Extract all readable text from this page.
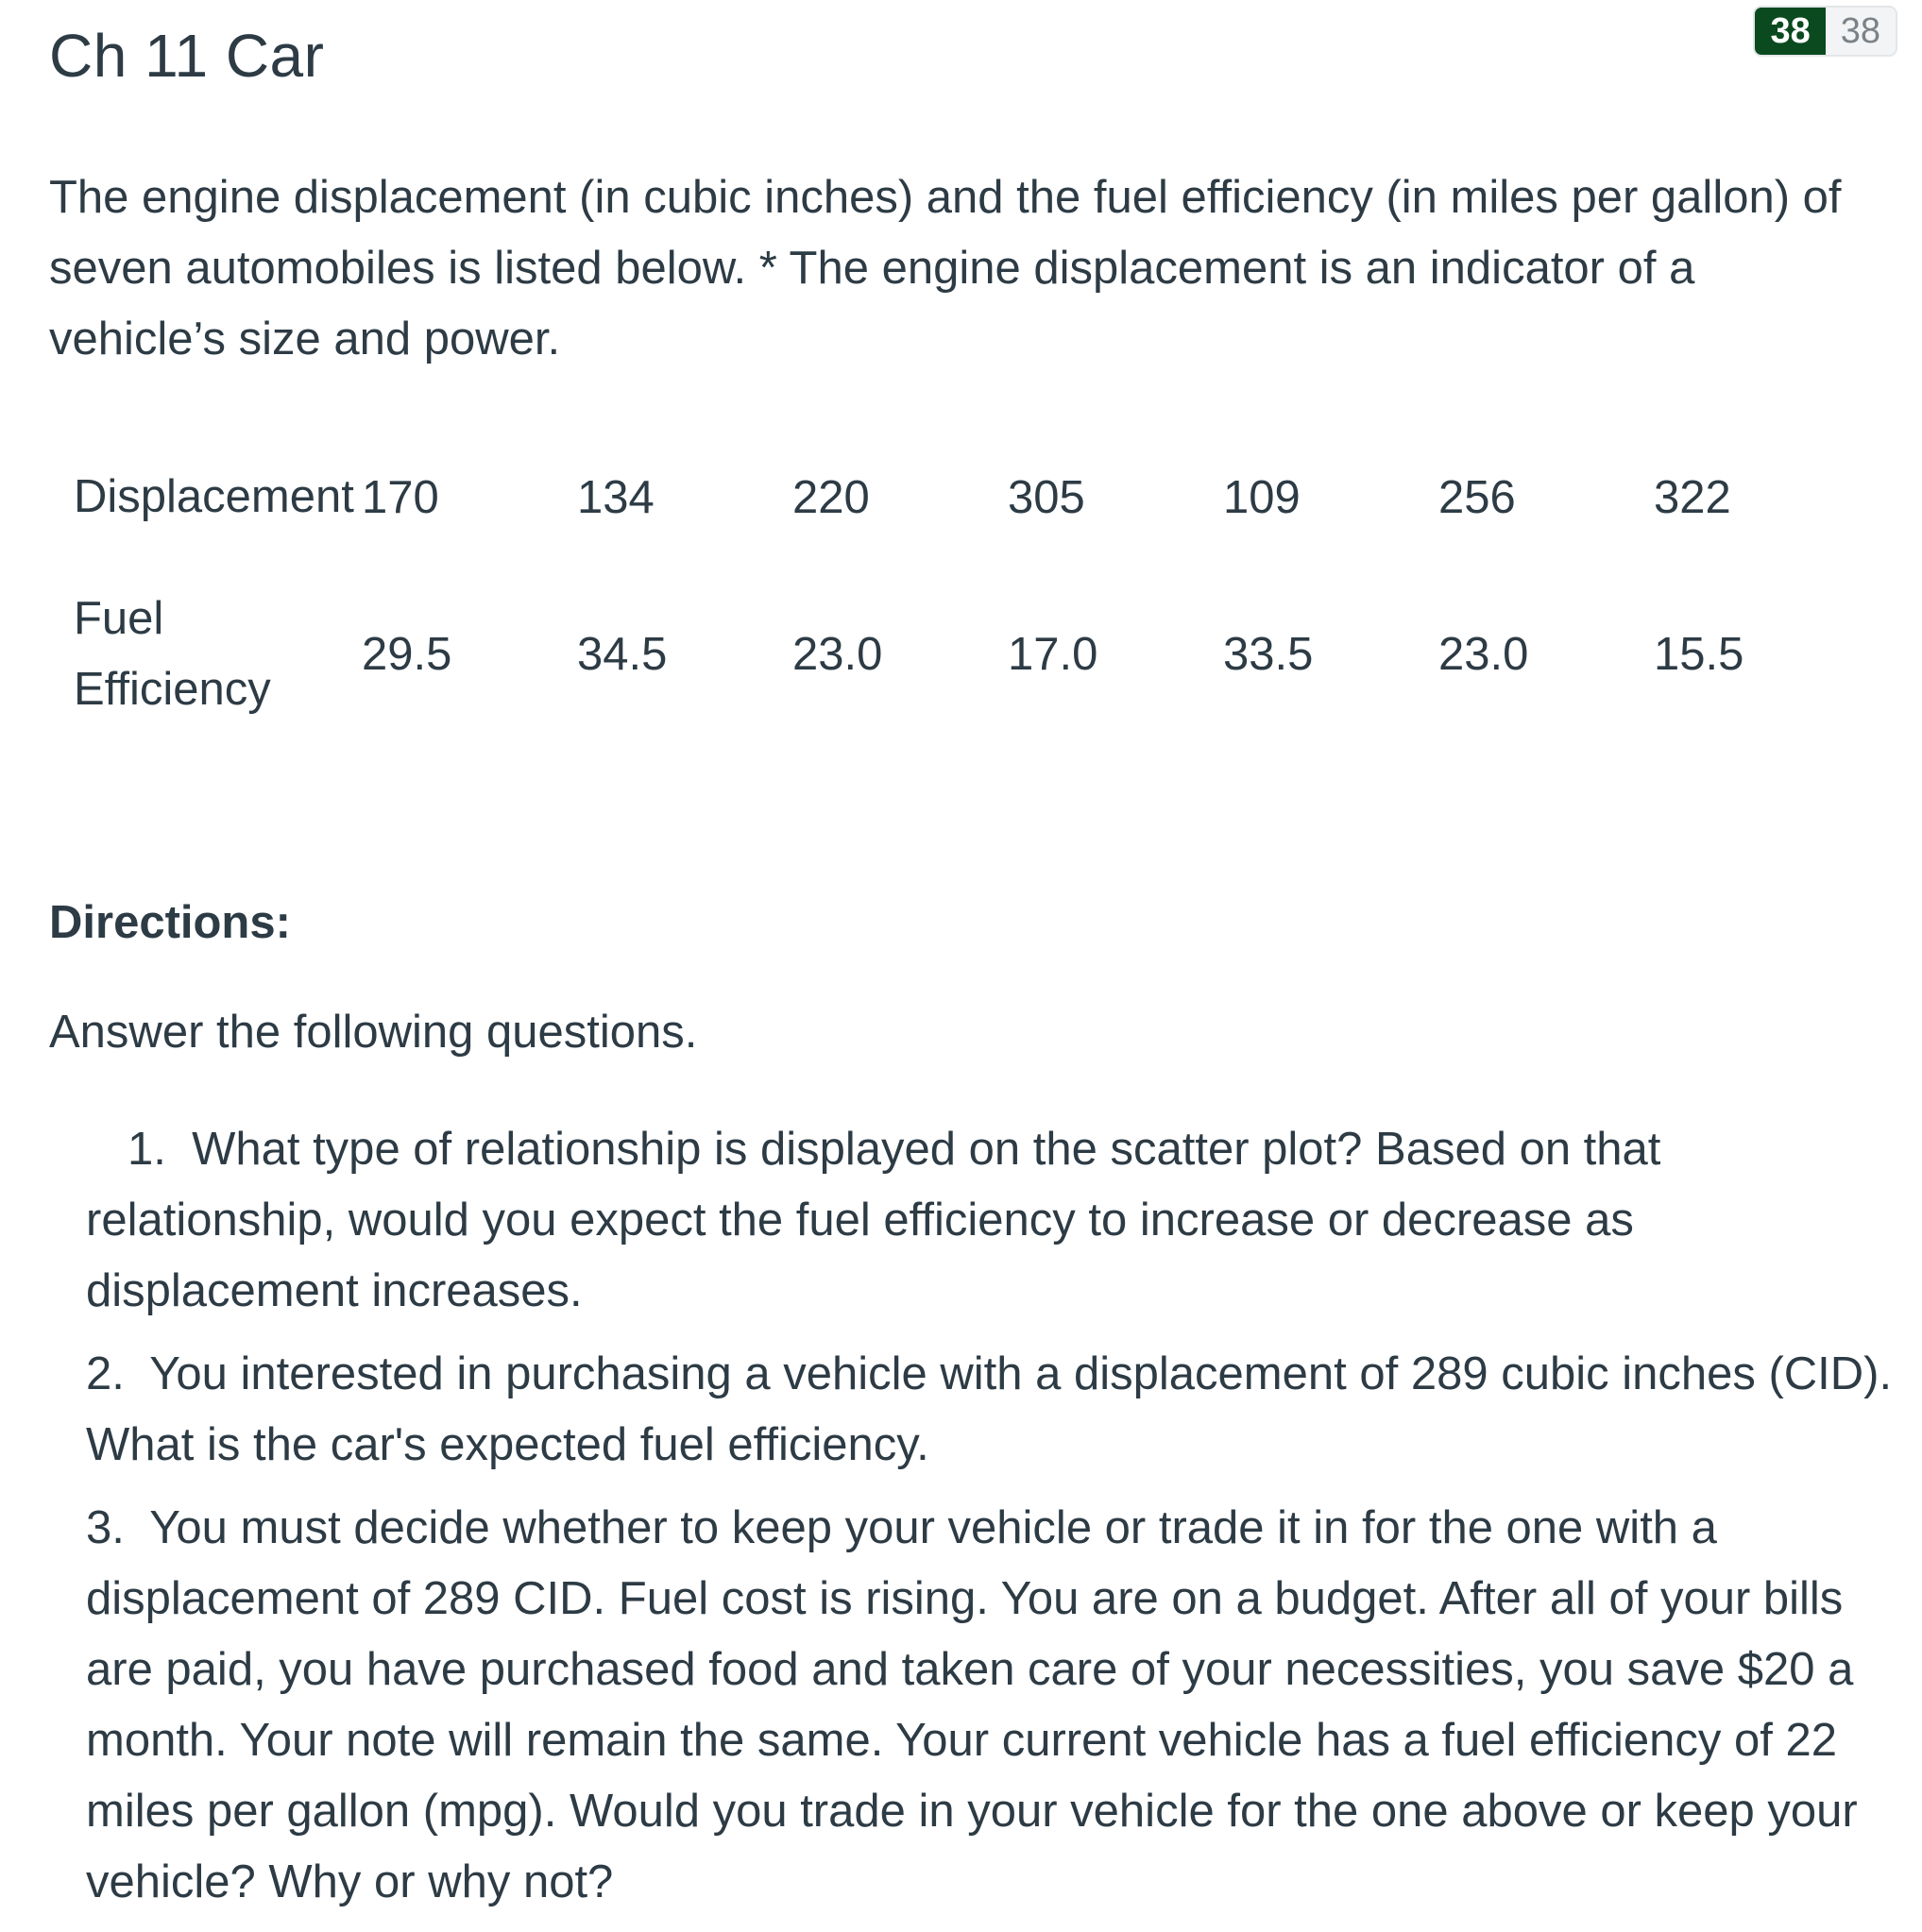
Ch 11 Car	38 38

The engine displacement (in cubic inches) and the fuel efficiency (in miles per gallon) of seven automobiles is listed below. * The engine displacement is an indicator of a vehicle’s size and power.

Displacement	170	134	220	305	109	256	322
Fuel
Efficiency	29.5	34.5	23.0	17.0	33.5	23.0	15.5
Directions:

Answer the following questions.

1.  What type of relationship is displayed on the scatter plot? Based on that relationship, would you expect the fuel efficiency to increase or decrease as displacement increases.
2.  You interested in purchasing a vehicle with a displacement of 289 cubic inches (CID). What is the car's expected fuel efficiency.
3.  You must decide whether to keep your vehicle or trade it in for the one with a displacement of 289 CID. Fuel cost is rising. You are on a budget. After all of your bills are paid, you have purchased food and taken care of your necessities, you save $20 a month. Your note will remain the same. Your current vehicle has a fuel efficiency of 22 miles per gallon (mpg). Would you trade in your vehicle for the one above or keep your vehicle? Why or why not?
